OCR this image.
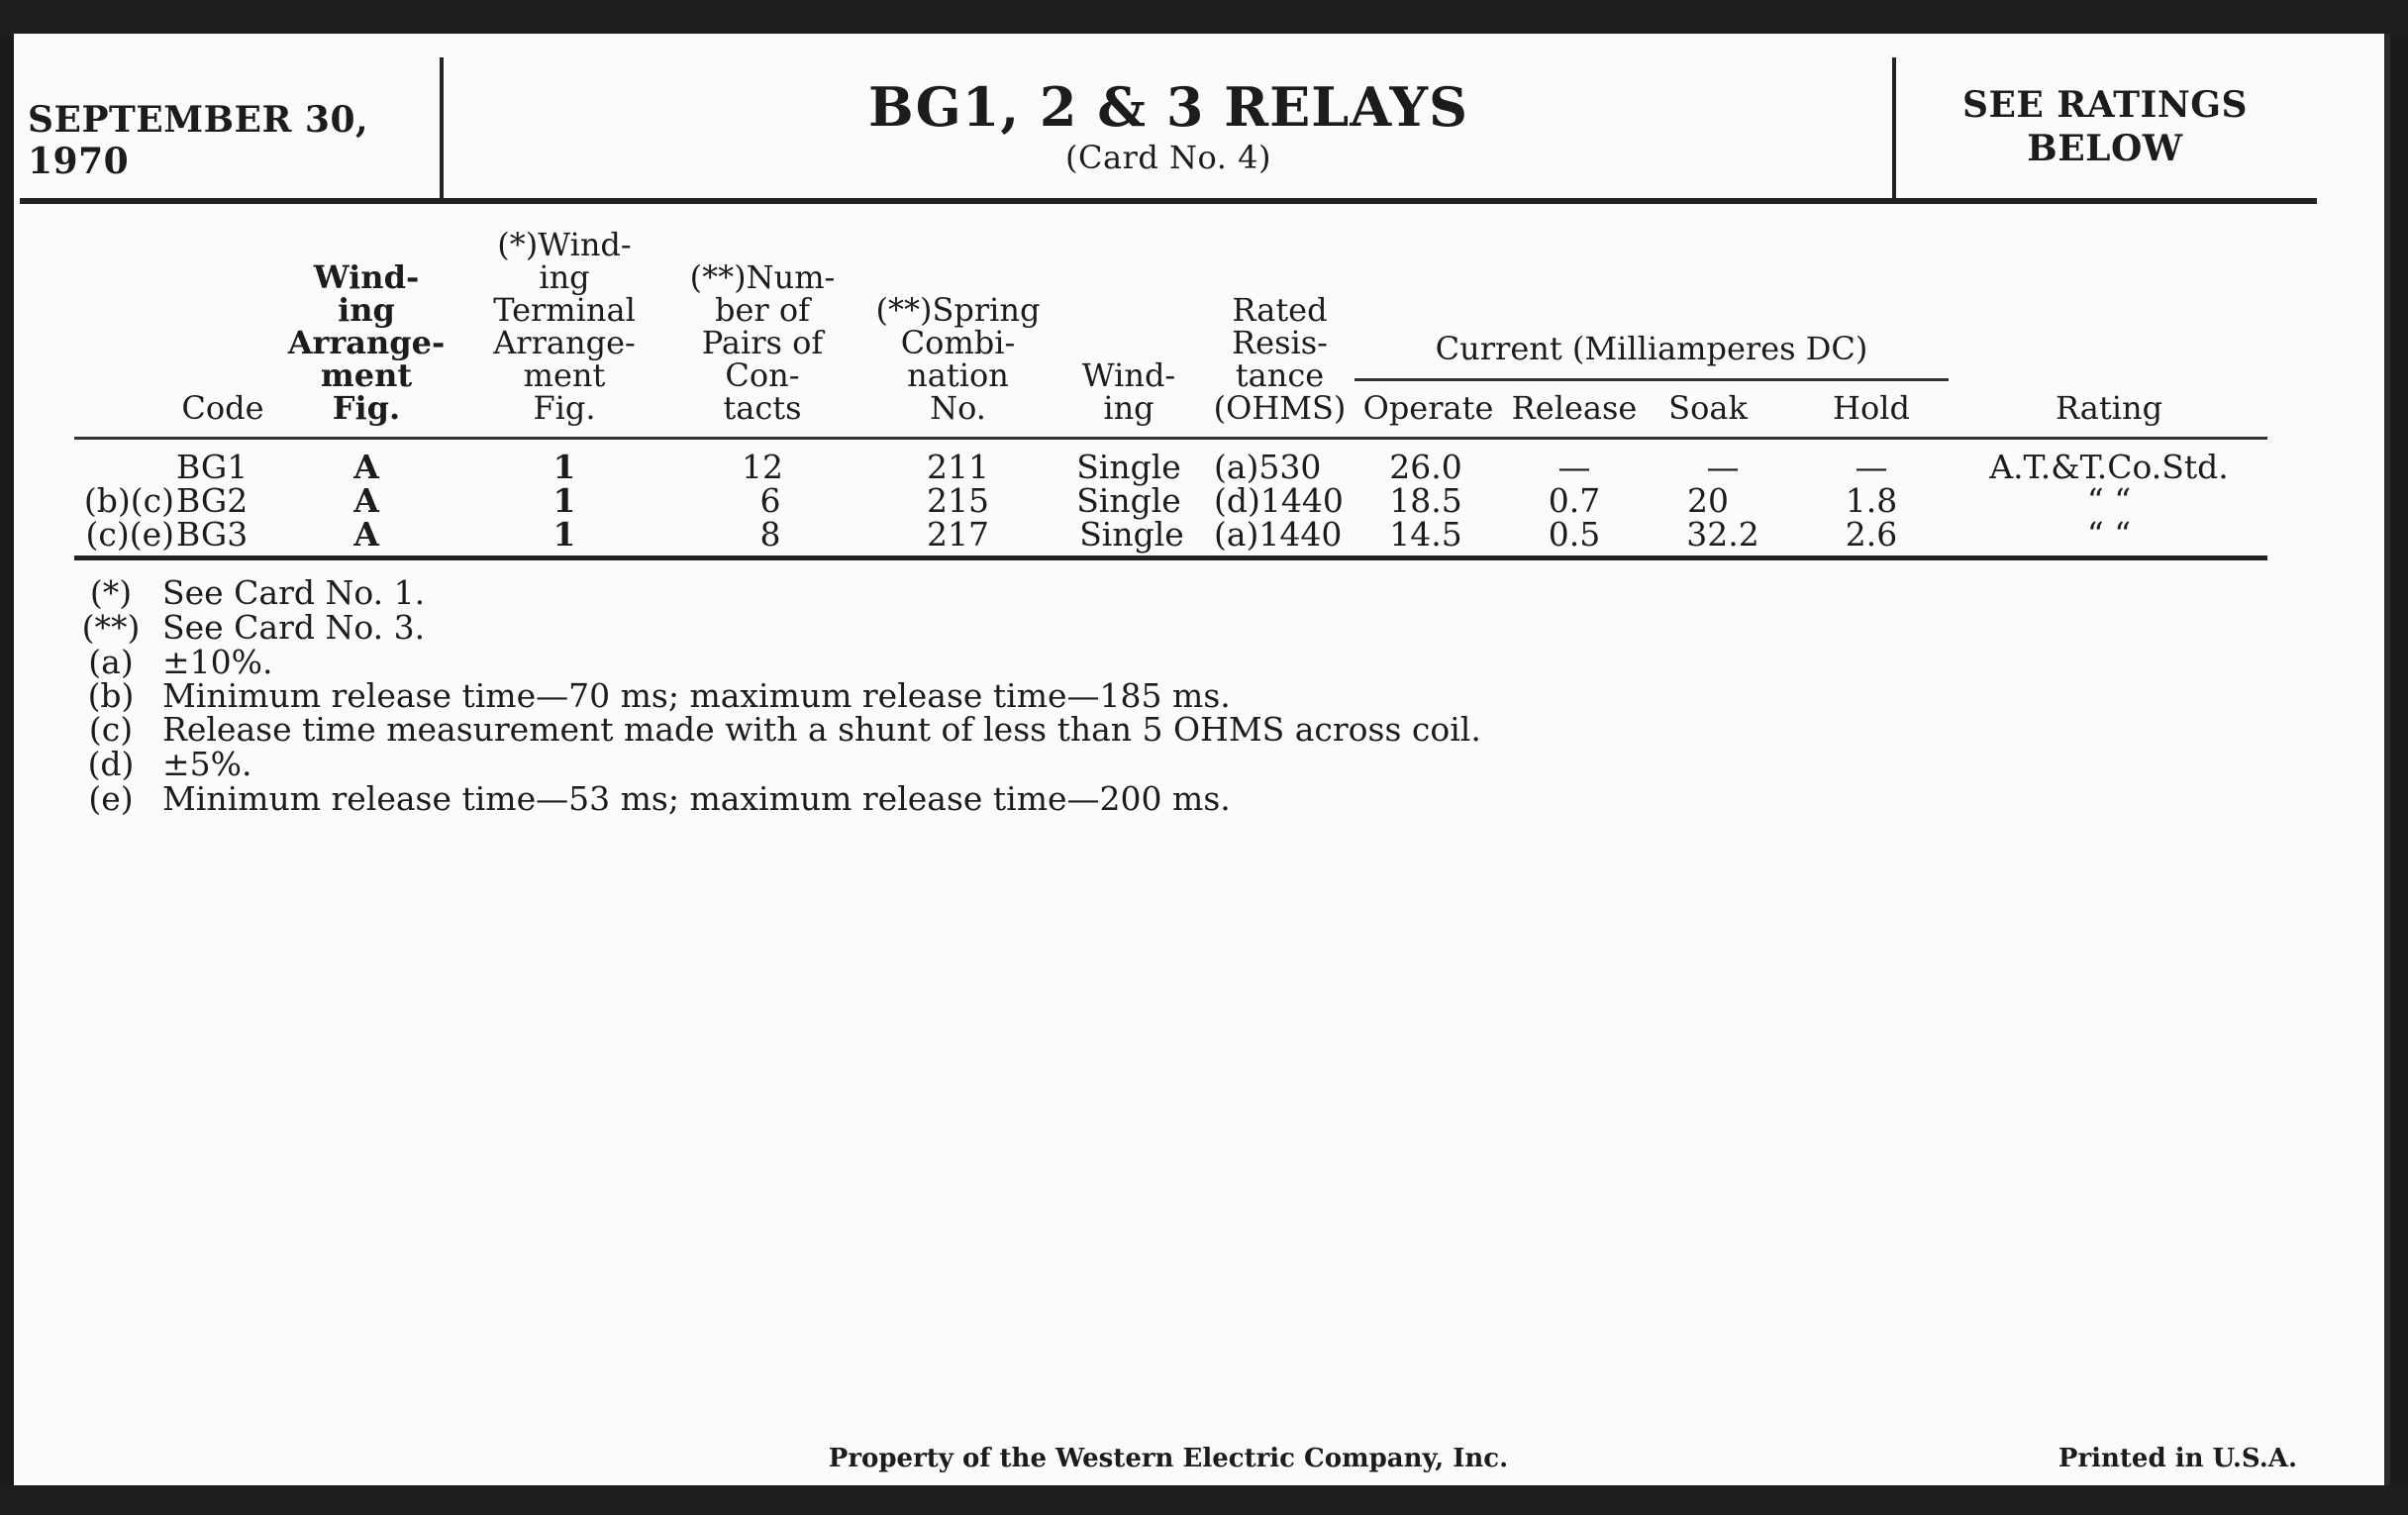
SEPTEMBER 30, 1970
BG1, 2 & 3 RELAYS
(Card No. 4)
SEE RATINGS
BELOW
Code
Wind-
ing
Arrange-
ment
Fig.
(*)Wind-
ing
Terminal
Arrange-
ment
Fig.
(**)Num-
ber of
Pairs of
Con-
tacts
(**)Spring
Combi-
nation
No.
Wind-
ing
Rated
Resis-
tance
(OHMS)
Current (Milliamperes DC)
Operate Release Soak	Hold	Rating
BG1	A	1	12	211	Single (a)530	26.0	—	—	—	A.T.&T.Co.Std.
(b)(c) BG2	A	1	6	215	Single (d)1440	18.5	0.7	20	1.8	“ “
(c)(e) BG3	A	1	8	217	Single (a)1440	14.5	0.5	32.2	2.6	“ “
(*) See Card No. 1.
(**) See Card No. 3.
(a) ±10%.
(b) Minimum release time—70 ms; maximum release time—185 ms.
(c) Release time measurement made with a shunt of less than 5 OHMS across coil.
(d) ±5%.
(e) Minimum release time—53 ms; maximum release time—200 ms.
Property of the Western Electric Company, Inc.	Printed in U.S.A.
